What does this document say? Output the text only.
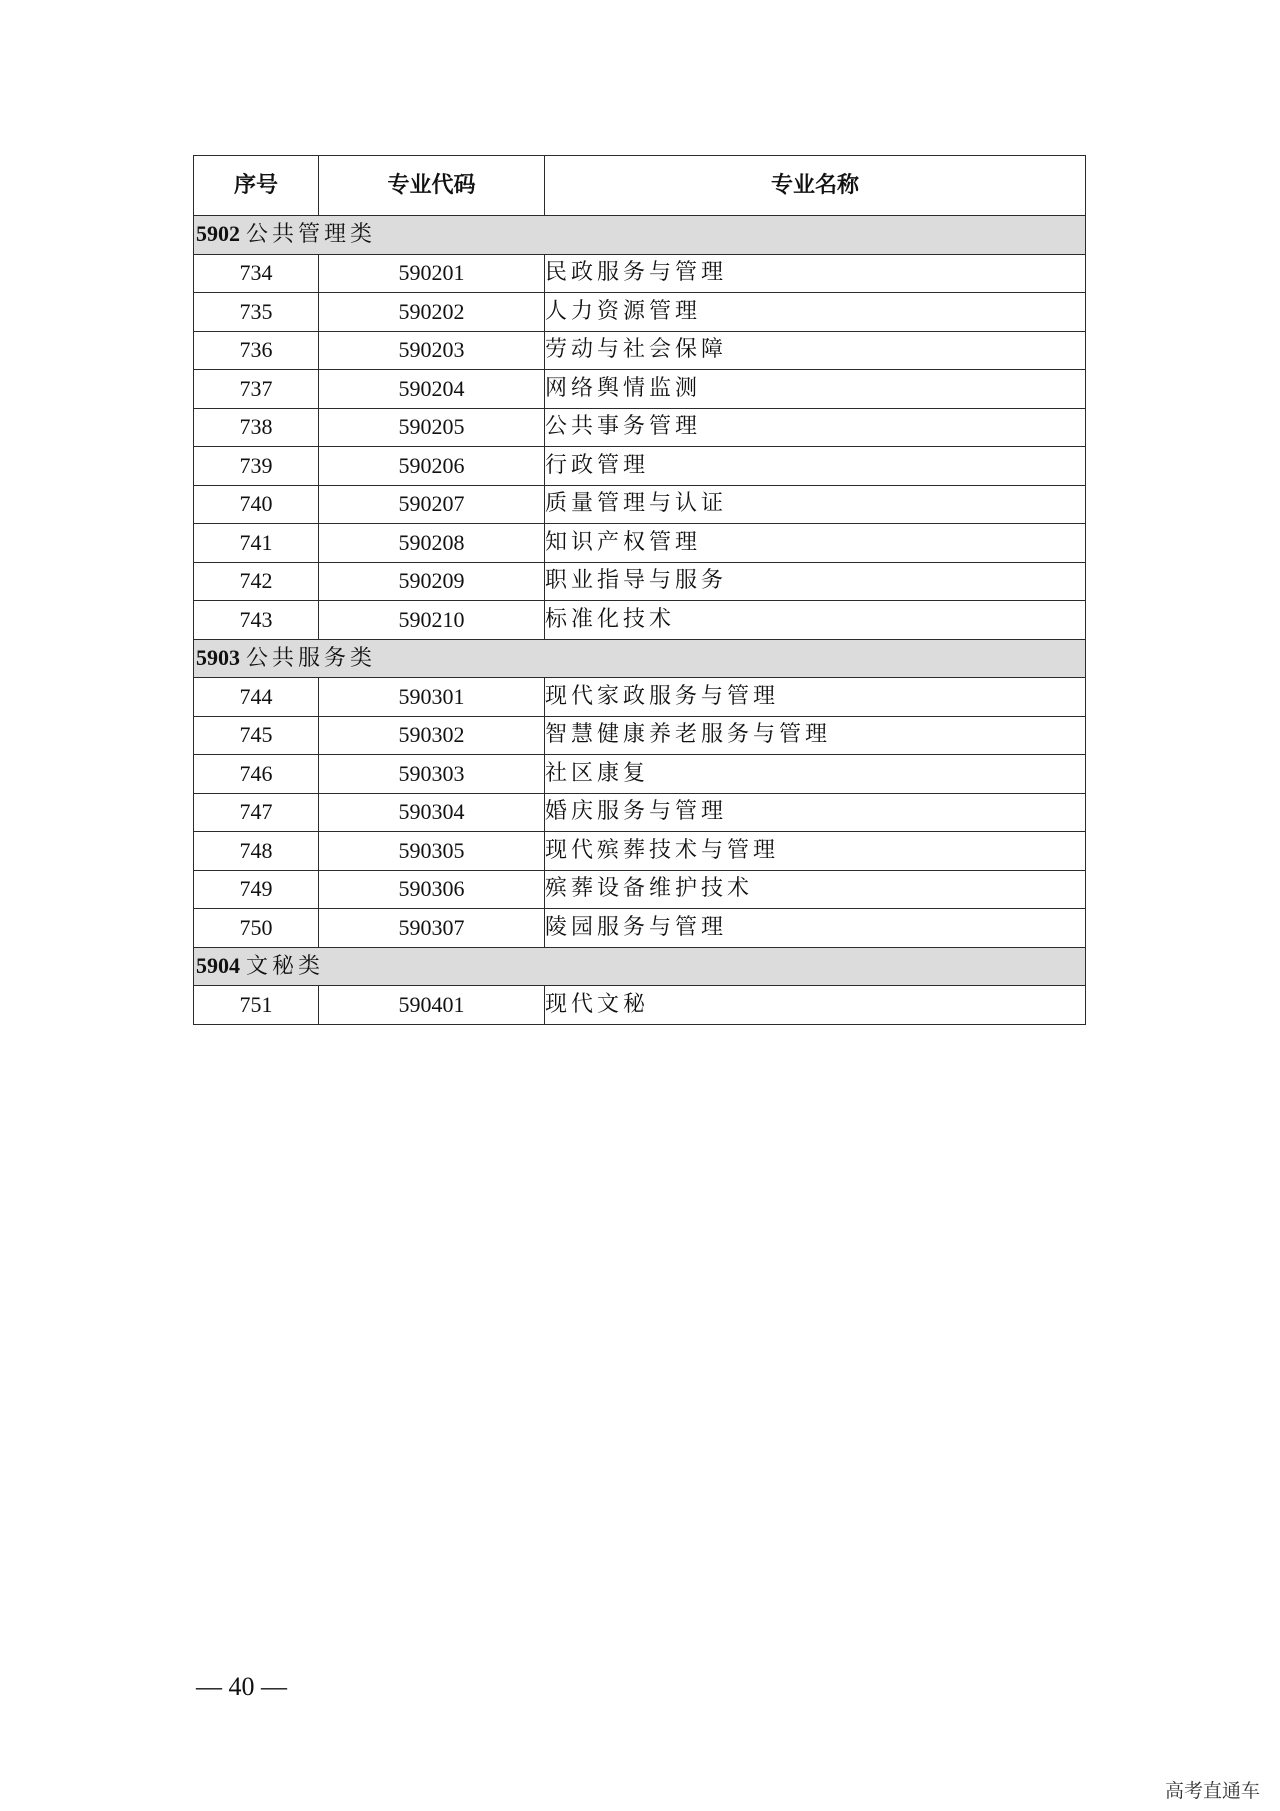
序号	专业代码	专业名称
5902 公共管理类		
734	590201	民政服务与管理
735	590202	人力资源管理
736	590203	劳动与社会保障
737	590204	网络舆情监测
738	590205	公共事务管理
739	590206	行政管理
740	590207	质量管理与认证
741	590208	知识产权管理
742	590209	职业指导与服务
743	590210	标准化技术
5903 公共服务类		
744	590301	现代家政服务与管理
745	590302	智慧健康养老服务与管理
746	590303	社区康复
747	590304	婚庆服务与管理
748	590305	现代殡葬技术与管理
749	590306	殡葬设备维护技术
750	590307	陵园服务与管理
5904 文秘类		
751	590401	现代文秘
— 40 —
高考直通车
